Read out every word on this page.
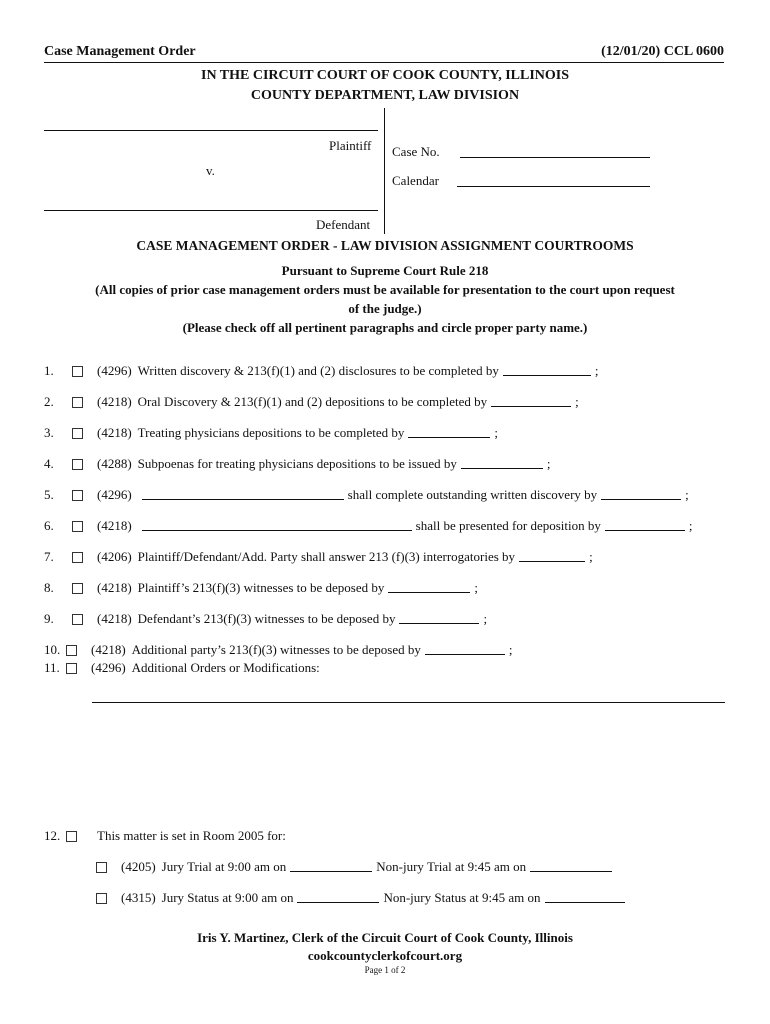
Case Management Order	(12/01/20) CCL 0600
IN THE CIRCUIT COURT OF COOK COUNTY, ILLINOIS
COUNTY DEPARTMENT, LAW DIVISION
Plaintiff
v.
Defendant
Case No.
Calendar
CASE MANAGEMENT ORDER - LAW DIVISION ASSIGNMENT COURTROOMS
Pursuant to Supreme Court Rule 218
(All copies of prior case management orders must be available for presentation to the court upon request
of the judge.)
(Please check off all pertinent paragraphs and circle proper party name.)
1.	(4296) Written discovery & 213(f)(1) and (2) disclosures to be completed by	;
2.	(4218) Oral Discovery & 213(f)(1) and (2) depositions to be completed by	;
3.	(4218) Treating physicians depositions to be completed by	;
4.	(4288) Subpoenas for treating physicians depositions to be issued by	;
5.	(4296)	shall complete outstanding written discovery by	;
6.	(4218)	shall be presented for deposition by	;
7.	(4206) Plaintiff/Defendant/Add. Party shall answer 213 (f)(3) interrogatories by	;
8.	(4218) Plaintiff’s 213(f)(3) witnesses to be deposed by	;
9.	(4218) Defendant’s 213(f)(3) witnesses to be deposed by	;
10. (4218) Additional party’s 213(f)(3) witnesses to be deposed by	;
11. (4296) Additional Orders or Modifications:
12.	This matter is set in Room 2005 for:
(4205) Jury Trial at 9:00 am on	Non-jury Trial at 9:45 am on
(4315) Jury Status at 9:00 am on	Non-jury Status at 9:45 am on
Iris Y. Martinez, Clerk of the Circuit Court of Cook County, Illinois
cookcountyclerkofcourt.org
Page 1 of 2
